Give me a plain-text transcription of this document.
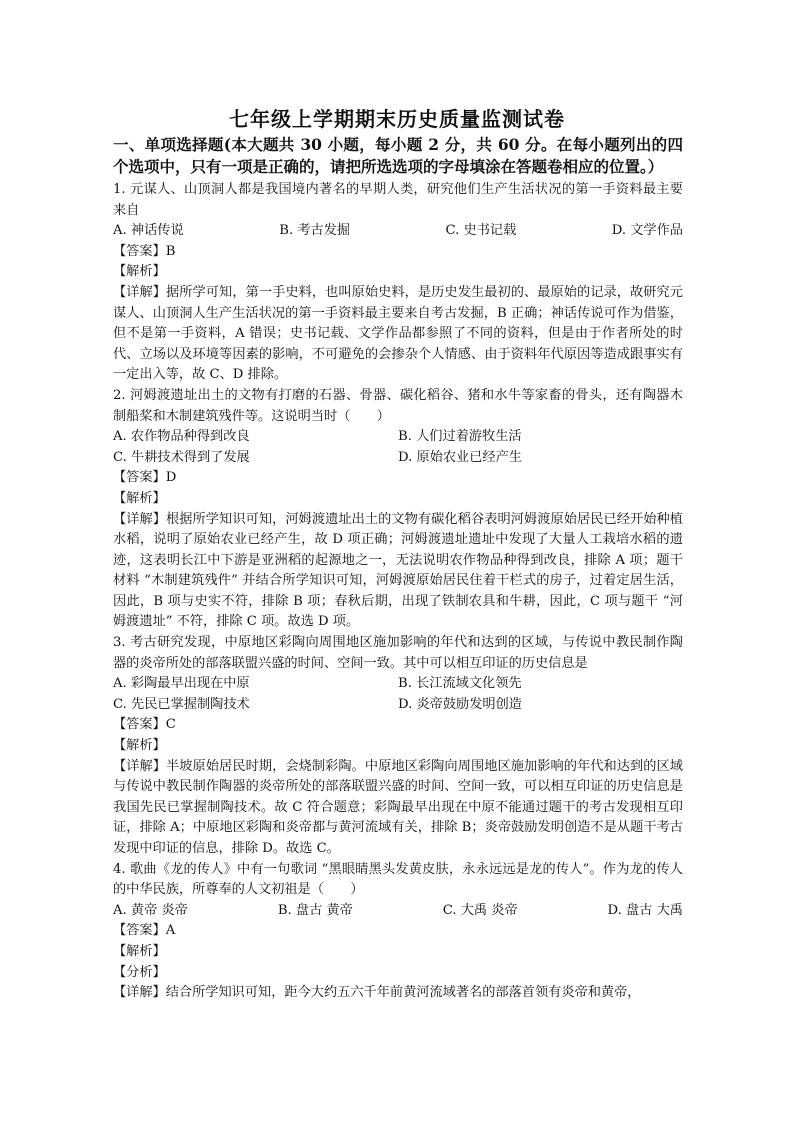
七年级上学期期末历史质量监测试卷
一、单项选择题(本大题共 30 小题，每小题 2 分，共 60 分。在每小题列出的四个选项中，只有一项是正确的，请把所选选项的字母填涂在答题卷相应的位置。）
1. 元谋人、山顶洞人都是我国境内著名的早期人类，研究他们生产生活状况的第一手资料最主要来自
A. 神话传说	B. 考古发掘	C. 史书记载	D. 文学作品
【答案】B
【解析】
【详解】据所学可知，第一手史料，也叫原始史料，是历史发生最初的、最原始的记录，故研究元谋人、山顶洞人生产生活状况的第一手资料最主要来自考古发掘，B 正确；神话传说可作为借鉴，但不是第一手资料，A 错误；史书记载、文学作品都参照了不同的资料，但是由于作者所处的时代、立场以及环境等因素的影响，不可避免的会掺杂个人情感、由于资料年代原因等造成跟事实有一定出入等，故 C、D 排除。
2. 河姆渡遗址出土的文物有打磨的石器、骨器、碳化稻谷、猪和水牛等家畜的骨头，还有陶器木制船桨和木制建筑残件等。这说明当时（　　）
A. 农作物品种得到改良	B. 人们过着游牧生活
C. 牛耕技术得到了发展	D. 原始农业已经产生
【答案】D
【解析】
【详解】根据所学知识可知，河姆渡遗址出土的文物有碳化稻谷表明河姆渡原始居民已经开始种植水稻，说明了原始农业已经产生，故 D 项正确；河姆渡遗址遗址中发现了大量人工栽培水稻的遗迹，这表明长江中下游是亚洲稻的起源地之一，无法说明农作物品种得到改良，排除 A 项；题干材料 “木制建筑残件” 并结合所学知识可知，河姆渡原始居民住着干栏式的房子，过着定居生活，因此，B 项与史实不符，排除 B 项；春秋后期，出现了铁制农具和牛耕，因此，C 项与题干 “河姆渡遗址” 不符，排除 C 项。故选 D 项。
3. 考古研究发现，中原地区彩陶向周围地区施加影响的年代和达到的区域，与传说中教民制作陶器的炎帝所处的部落联盟兴盛的时间、空间一致。其中可以相互印证的历史信息是
A. 彩陶最早出现在中原	B. 长江流域文化领先
C. 先民已掌握制陶技术	D. 炎帝鼓励发明创造
【答案】C
【解析】
【详解】半坡原始居民时期，会烧制彩陶。中原地区彩陶向周围地区施加影响的年代和达到的区域与传说中教民制作陶器的炎帝所处的部落联盟兴盛的时间、空间一致，可以相互印证的历史信息是我国先民已掌握制陶技术。故 C 符合题意；彩陶最早出现在中原不能通过题干的考古发现相互印证，排除 A；中原地区彩陶和炎帝都与黄河流域有关，排除 B；炎帝鼓励发明创造不是从题干考古发现中印证的信息，排除 D。故选 C。
4. 歌曲《龙的传人》中有一句歌词 “黑眼睛黑头发黄皮肤，永永远远是龙的传人”。作为龙的传人的中华民族，所尊奉的人文初祖是（　　）
A. 黄帝 炎帝	B. 盘古 黄帝	C. 大禹 炎帝	D. 盘古 大禹
【答案】A
【解析】
【分析】
【详解】结合所学知识可知，距今大约五六千年前黄河流域著名的部落首领有炎帝和黄帝，
